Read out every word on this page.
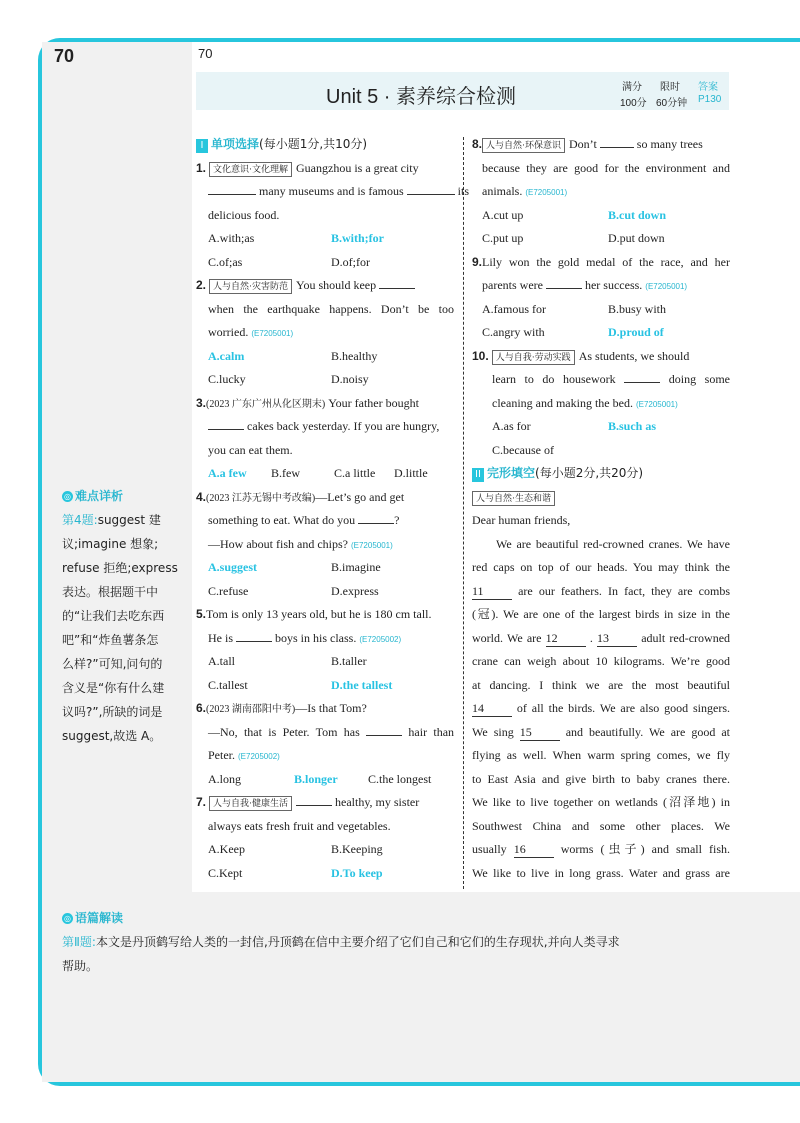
70	70
Unit 5 · 素养综合检测	满分
100分
限时
60分钟
答案
P130
I 单项选择(每小题1分,共10分)
1. 文化意识·文化理解 Guangzhou is a great city
many museums and is famous	its
delicious food.
A.with;as	B.with;for
C.of;as	D.of;for
2. 人与自然·灾害防范 You should keep
when the earthquake happens. Don’t be too
worried. (E7205001)
A.calm	B.healthy
C.lucky	D.noisy
3.(2023 广东广州从化区期末) Your father bought
cakes back yesterday. If you are hungry,
you can eat them.
A.a few B.few	C.a little D.little
4.(2023 江苏无锡中考改编)—Let’s go and get
something to eat. What do you	?
—How about fish and chips? (E7205001)
A.suggest	B.imagine
C.refuse	D.express
5.Tom is only 13 years old, but he is 180 cm tall.
He is	boys in his class. (E7205002)
A.tall	B.taller
C.tallest	D.the tallest
6.(2023 湖南邵阳中考)—Is that Tom?
—No, that is Peter. Tom has	hair than
Peter. (E7205002)
A.long	B.longer	C.the longest
7. 人与自我·健康生活	healthy, my sister
always eats fresh fruit and vegetables.
A.Keep	B.Keeping
C.Kept	D.To keep
8. 人与自然·环保意识 Don’t	so many trees
because they are good for the environment and
animals. (E7205001)
A.cut up	B.cut down
C.put up	D.put down
9.Lily won the gold medal of the race, and her
parents were	her success. (E7205001)
A.famous for	B.busy with
C.angry with	D.proud of
10. 人与自我·劳动实践 As students, we should
learn to do housework	doing some
cleaning and making the bed. (E7205001)
A.as for	B.such as
C.because of
II 完形填空(每小题2分,共20分)
人与自然·生态和谐
Dear human friends,
We are beautiful red-crowned cranes. We have
red caps on top of our heads. You may think the
11	are our feathers. In fact, they are combs
(冠). We are one of the largest birds in size in the
world. We are 12	. 13	adult red-crowned
crane can weigh about 10 kilograms. We’re good
at dancing. I think we are the most beautiful
14	of all the birds. We are also good singers.
We sing 15	and beautifully. We are good at
flying as well. When warm spring comes, we fly
to East Asia and give birth to baby cranes there.
We like to live together on wetlands (沼泽地) in
Southwest China and some other places. We
usually 16	worms (虫子) and small fish.
We like to live in long grass. Water and grass are
◎ 难点详析
第4题:suggest 建
议;imagine 想象;
refuse 拒绝;express
表达。根据题干中
的“让我们去吃东西
吧”和“炸鱼薯条怎
么样?”可知,问句的
含义是“你有什么建
议吗?”,所缺的词是
suggest,故选 A。
◎ 语篇解读
第Ⅱ题:本文是丹顶鹤写给人类的一封信,丹顶鹤在信中主要介绍了它们自己和它们的生存现状,并向人类寻求
帮助。
